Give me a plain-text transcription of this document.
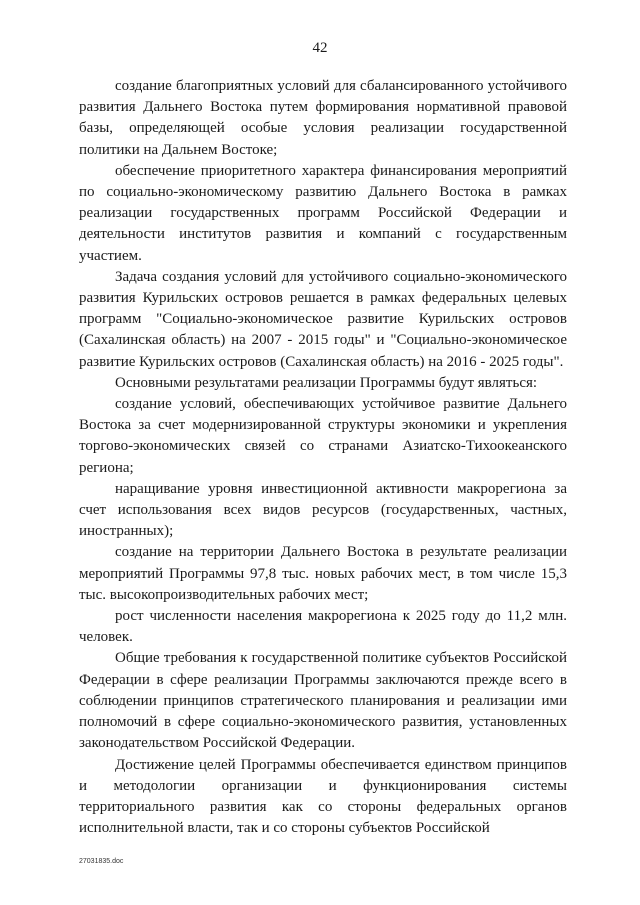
42

создание благоприятных условий для сбалансированного устойчивого развития Дальнего Востока путем формирования нормативной правовой базы, определяющей особые условия реализации государственной политики на Дальнем Востоке;

обеспечение приоритетного характера финансирования мероприятий по социально-экономическому развитию Дальнего Востока в рамках реализации государственных программ Российской Федерации и деятельности институтов развития и компаний с государственным участием.

Задача создания условий для устойчивого социально-экономического развития Курильских островов решается в рамках федеральных целевых программ "Социально-экономическое развитие Курильских островов (Сахалинская область) на 2007 - 2015 годы" и "Социально-экономическое развитие Курильских островов (Сахалинская область) на 2016 - 2025 годы".

Основными результатами реализации Программы будут являться:

создание условий, обеспечивающих устойчивое развитие Дальнего Востока за счет модернизированной структуры экономики и укрепления торгово-экономических связей со странами Азиатско-Тихоокеанского региона;

наращивание уровня инвестиционной активности макрорегиона за счет использования всех видов ресурсов (государственных, частных, иностранных);

создание на территории Дальнего Востока в результате реализации мероприятий Программы 97,8 тыс. новых рабочих мест, в том числе 15,3 тыс. высокопроизводительных рабочих мест;

рост численности населения макрорегиона к 2025 году до 11,2 млн. человек.

Общие требования к государственной политике субъектов Российской Федерации в сфере реализации Программы заключаются прежде всего в соблюдении принципов стратегического планирования и реализации ими полномочий в сфере социально-экономического развития, установленных законодательством Российской Федерации.

Достижение целей Программы обеспечивается единством принципов и методологии организации и функционирования системы территориального развития как со стороны федеральных органов исполнительной власти, так и со стороны субъектов Российской

27031835.doc
